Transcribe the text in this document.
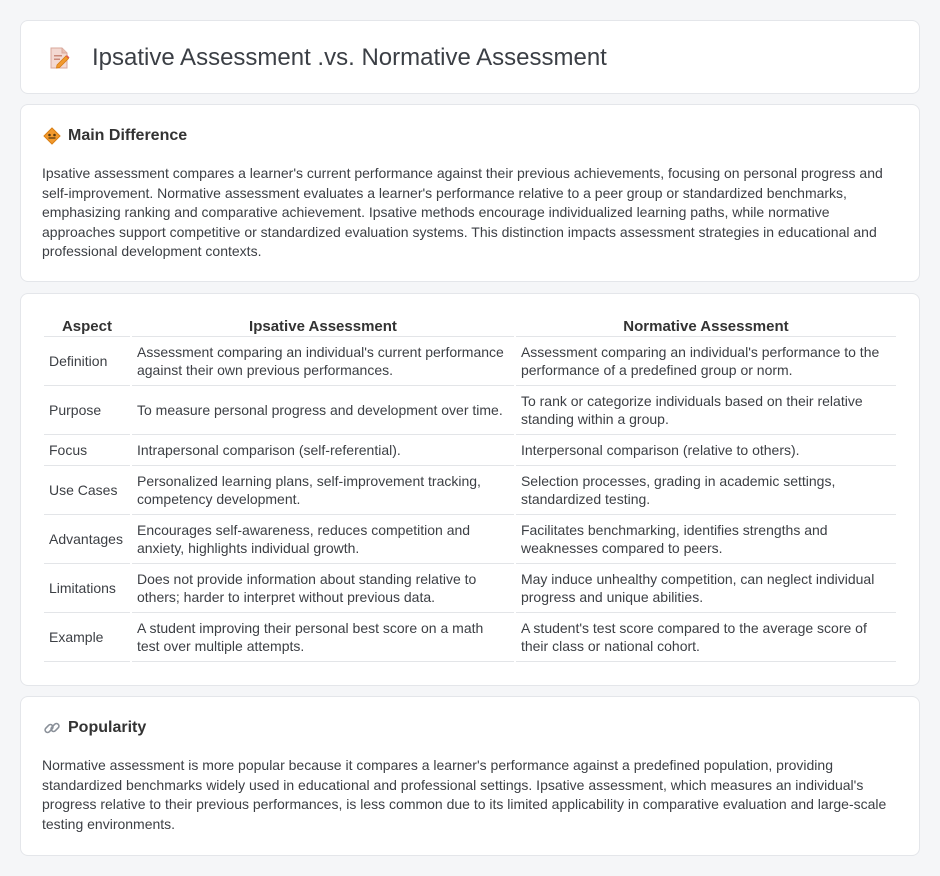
Ipsative Assessment .vs. Normative Assessment
Main Difference

Ipsative assessment compares a learner's current performance against their previous achievements, focusing on personal progress and self-improvement. Normative assessment evaluates a learner's performance relative to a peer group or standardized benchmarks, emphasizing ranking and comparative achievement. Ipsative methods encourage individualized learning paths, while normative approaches support competitive or standardized evaluation systems. This distinction impacts assessment strategies in educational and professional development contexts.

Aspect	Ipsative Assessment	Normative Assessment
Definition	Assessment comparing an individual's current performance against their own previous performances.	Assessment comparing an individual's performance to the performance of a predefined group or norm.
Purpose	To measure personal progress and development over time.	To rank or categorize individuals based on their relative standing within a group.
Focus	Intrapersonal comparison (self-referential).	Interpersonal comparison (relative to others).
Use Cases	Personalized learning plans, self-improvement tracking, competency development.	Selection processes, grading in academic settings, standardized testing.
Advantages	Encourages self-awareness, reduces competition and anxiety, highlights individual growth.	Facilitates benchmarking, identifies strengths and weaknesses compared to peers.
Limitations	Does not provide information about standing relative to others; harder to interpret without previous data.	May induce unhealthy competition, can neglect individual progress and unique abilities.
Example	A student improving their personal best score on a math test over multiple attempts.	A student's test score compared to the average score of their class or national cohort.
Popularity

Normative assessment is more popular because it compares a learner's performance against a predefined population, providing standardized benchmarks widely used in educational and professional settings. Ipsative assessment, which measures an individual's progress relative to their previous performances, is less common due to its limited applicability in comparative evaluation and large-scale testing environments.
